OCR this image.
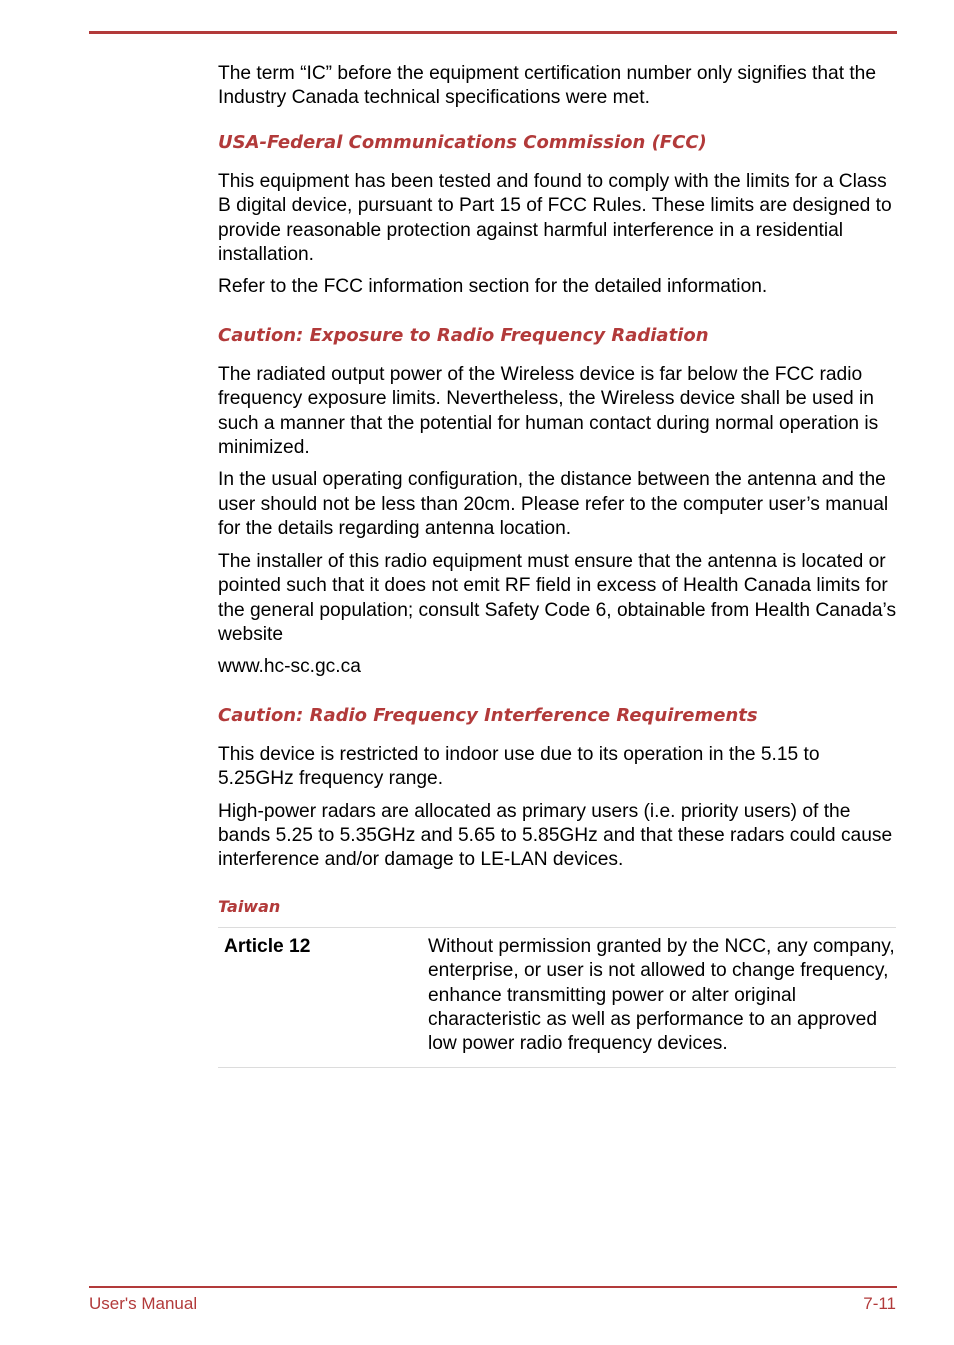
The term “IC” before the equipment certification number only signifies that the Industry Canada technical specifications were met.

USA-Federal Communications Commission (FCC)

This equipment has been tested and found to comply with the limits for a Class B digital device, pursuant to Part 15 of FCC Rules. These limits are designed to provide reasonable protection against harmful interference in a residential installation.

Refer to the FCC information section for the detailed information.

Caution: Exposure to Radio Frequency Radiation

The radiated output power of the Wireless device is far below the FCC radio frequency exposure limits. Nevertheless, the Wireless device shall be used in such a manner that the potential for human contact during normal operation is minimized.

In the usual operating configuration, the distance between the antenna and the user should not be less than 20cm. Please refer to the computer user’s manual for the details regarding antenna location.

The installer of this radio equipment must ensure that the antenna is located or pointed such that it does not emit RF field in excess of Health Canada limits for the general population; consult Safety Code 6, obtainable from Health Canada’s website

www.hc-sc.gc.ca

Caution: Radio Frequency Interference Requirements

This device is restricted to indoor use due to its operation in the 5.15 to 5.25GHz frequency range.

High-power radars are allocated as primary users (i.e. priority users) of the bands 5.25 to 5.35GHz and 5.65 to 5.85GHz and that these radars could cause interference and/or damage to LE-LAN devices.

Taiwan
Article 12	Without permission granted by the NCC, any company, enterprise, or user is not allowed to change frequency, enhance transmitting power or alter original characteristic as well as performance to an approved low power radio frequency devices.
User's Manual	7-11
